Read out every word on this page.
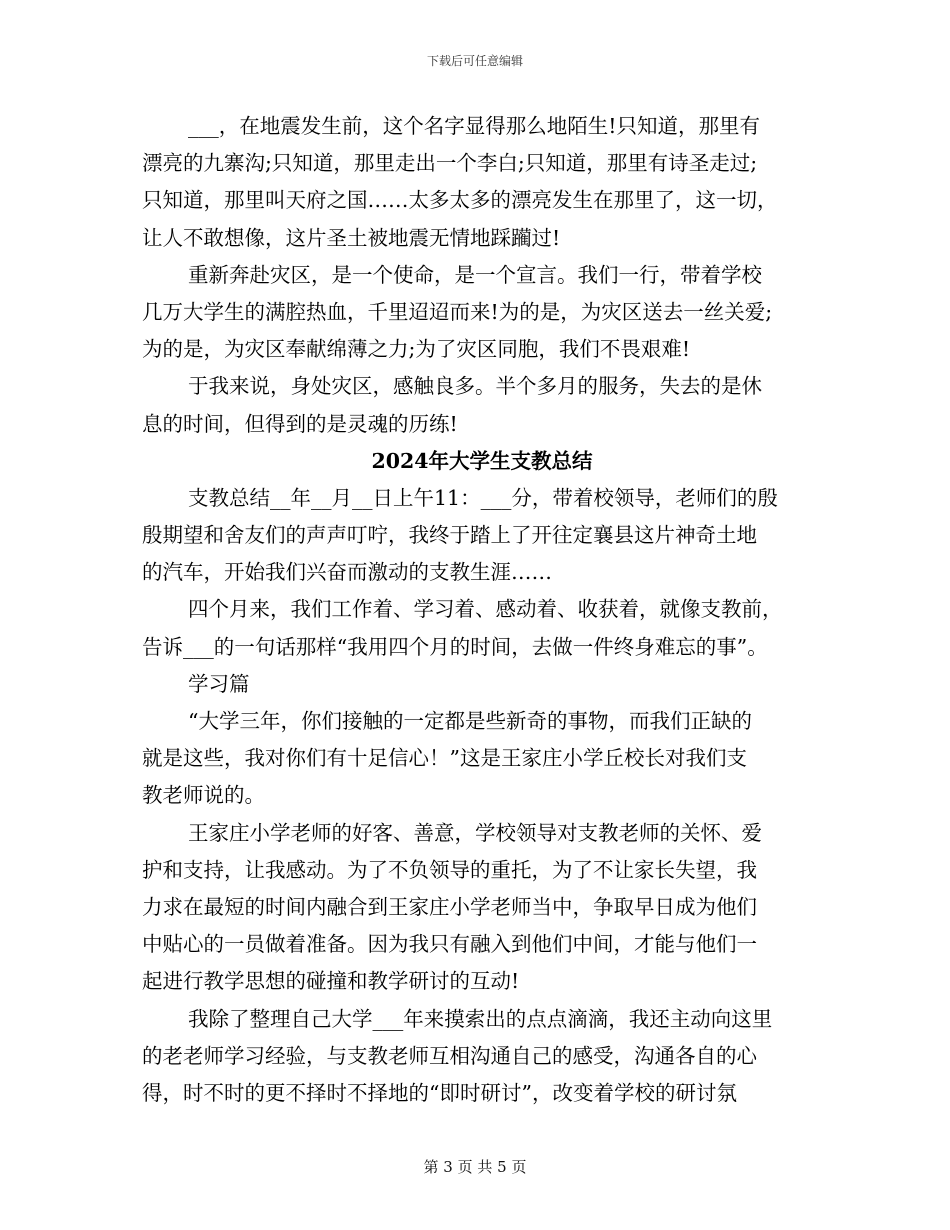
下载后可任意编辑
___，在地震发生前，这个名字显得那么地陌生!只知道，那里有
漂亮的九寨沟;只知道，那里走出一个李白;只知道，那里有诗圣走过;
只知道，那里叫天府之国……太多太多的漂亮发生在那里了，这一切，
让人不敢想像，这片圣土被地震无情地踩躏过!
重新奔赴灾区，是一个使命，是一个宣言。我们一行，带着学校
几万大学生的满腔热血，千里迢迢而来!为的是，为灾区送去一丝关爱;
为的是，为灾区奉献绵薄之力;为了灾区同胞，我们不畏艰难!
于我来说，身处灾区，感触良多。半个多月的服务，失去的是休
息的时间，但得到的是灵魂的历练!
2024年大学生支教总结
支教总结__年__月__日上午11：___分，带着校领导，老师们的殷
殷期望和舍友们的声声叮咛，我终于踏上了开往定襄县这片神奇土地
的汽车，开始我们兴奋而激动的支教生涯……
四个月来，我们工作着、学习着、感动着、收获着，就像支教前，
告诉___的一句话那样“我用四个月的时间，去做一件终身难忘的事”。
学习篇
“大学三年，你们接触的一定都是些新奇的事物，而我们正缺的
就是这些，我对你们有十足信心！”这是王家庄小学丘校长对我们支
教老师说的。
王家庄小学老师的好客、善意，学校领导对支教老师的关怀、爱
护和支持，让我感动。为了不负领导的重托，为了不让家长失望，我
力求在最短的时间内融合到王家庄小学老师当中，争取早日成为他们
中贴心的一员做着准备。因为我只有融入到他们中间，才能与他们一
起进行教学思想的碰撞和教学研讨的互动!
我除了整理自己大学___年来摸索出的点点滴滴，我还主动向这里
的老老师学习经验，与支教老师互相沟通自己的感受，沟通各自的心
得，时不时的更不择时不择地的“即时研讨”，改变着学校的研讨氛
第 3 页 共 5 页
